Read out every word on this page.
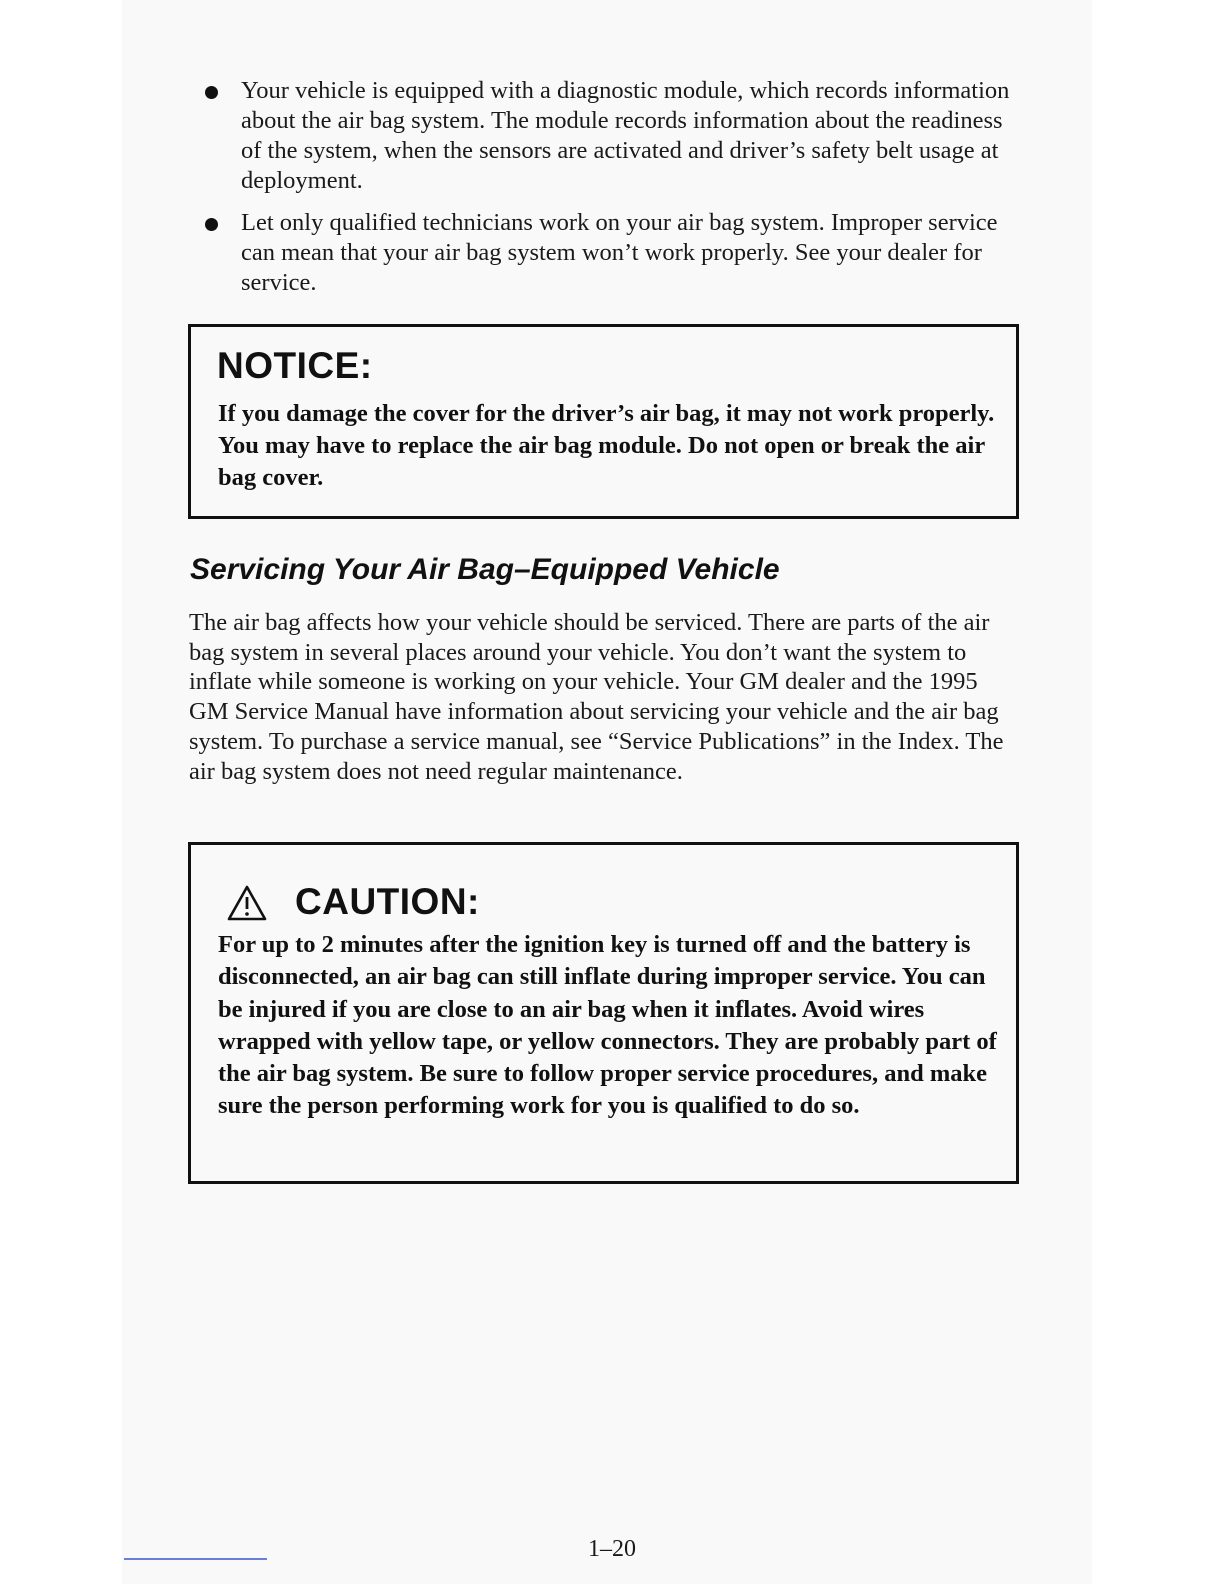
Your vehicle is equipped with a diagnostic module, which records information about the air bag system. The module records information about the readiness of the system, when the sensors are activated and driver’s safety belt usage at deployment.
Let only qualified technicians work on your air bag system. Improper service can mean that your air bag system won’t work properly. See your dealer for service.
NOTICE:
If you damage the cover for the driver’s air bag, it may not work properly. You may have to replace the air bag module. Do not open or break the air bag cover.
Servicing Your Air Bag–Equipped Vehicle
The air bag affects how your vehicle should be serviced. There are parts of the air bag system in several places around your vehicle. You don’t want the system to inflate while someone is working on your vehicle. Your GM dealer and the 1995 GM Service Manual have information about servicing your vehicle and the air bag system. To purchase a service manual, see “Service Publications” in the Index. The air bag system does not need regular maintenance.
CAUTION:
For up to 2 minutes after the ignition key is turned off and the battery is disconnected, an air bag can still inflate during improper service. You can be injured if you are close to an air bag when it inflates. Avoid wires wrapped with yellow tape, or yellow connectors. They are probably part of the air bag system. Be sure to follow proper service procedures, and make sure the person performing work for you is qualified to do so.
1–20
